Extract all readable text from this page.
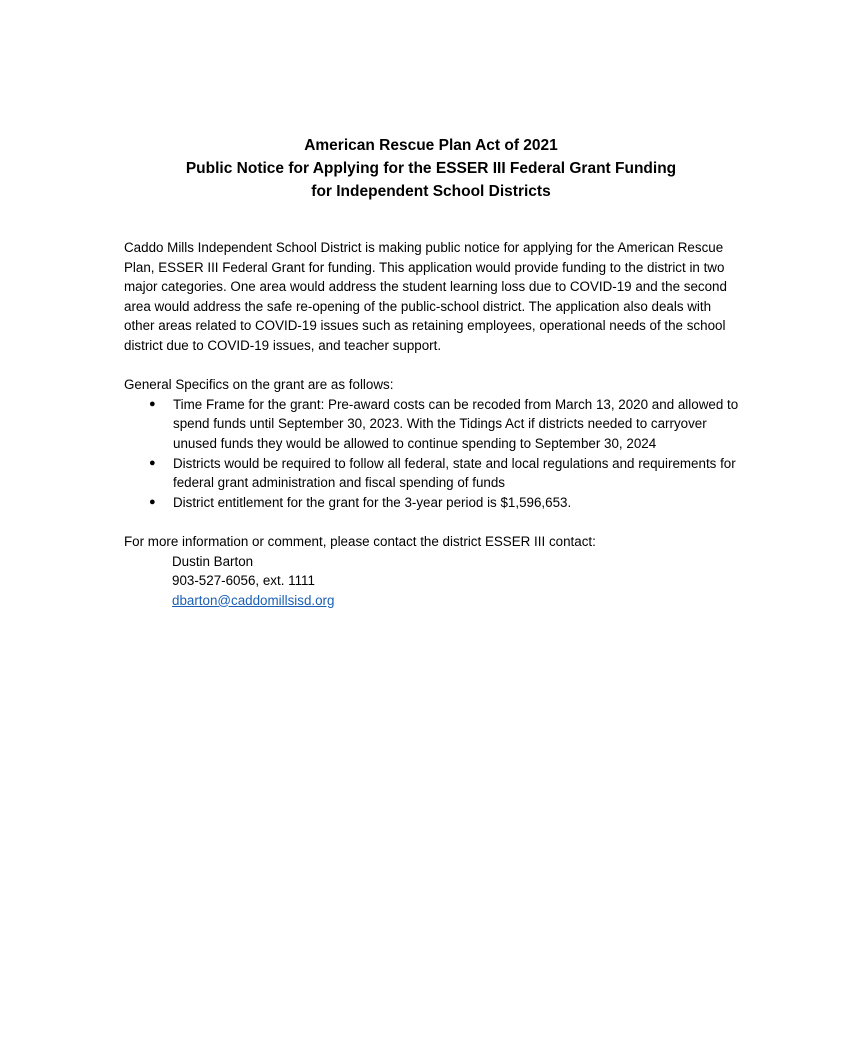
American Rescue Plan Act of 2021
Public Notice for Applying for the ESSER III Federal Grant Funding
for Independent School Districts

Caddo Mills Independent School District is making public notice for applying for the American Rescue Plan, ESSER III Federal Grant for funding. This application would provide funding to the district in two major categories. One area would address the student learning loss due to COVID-19 and the second area would address the safe re-opening of the public-school district. The application also deals with other areas related to COVID-19 issues such as retaining employees, operational needs of the school district due to COVID-19 issues, and teacher support.

General Specifics on the grant are as follows:

● Time Frame for the grant: Pre-award costs can be recoded from March 13, 2020 and allowed to spend funds until September 30, 2023. With the Tidings Act if districts needed to carryover unused funds they would be allowed to continue spending to September 30, 2024
● Districts would be required to follow all federal, state and local regulations and requirements for federal grant administration and fiscal spending of funds
● District entitlement for the grant for the 3-year period is $1,596,653.

For more information or comment, please contact the district ESSER III contact:

Dustin Barton
903-527-6056, ext. 1111
dbarton@caddomillsisd.org
